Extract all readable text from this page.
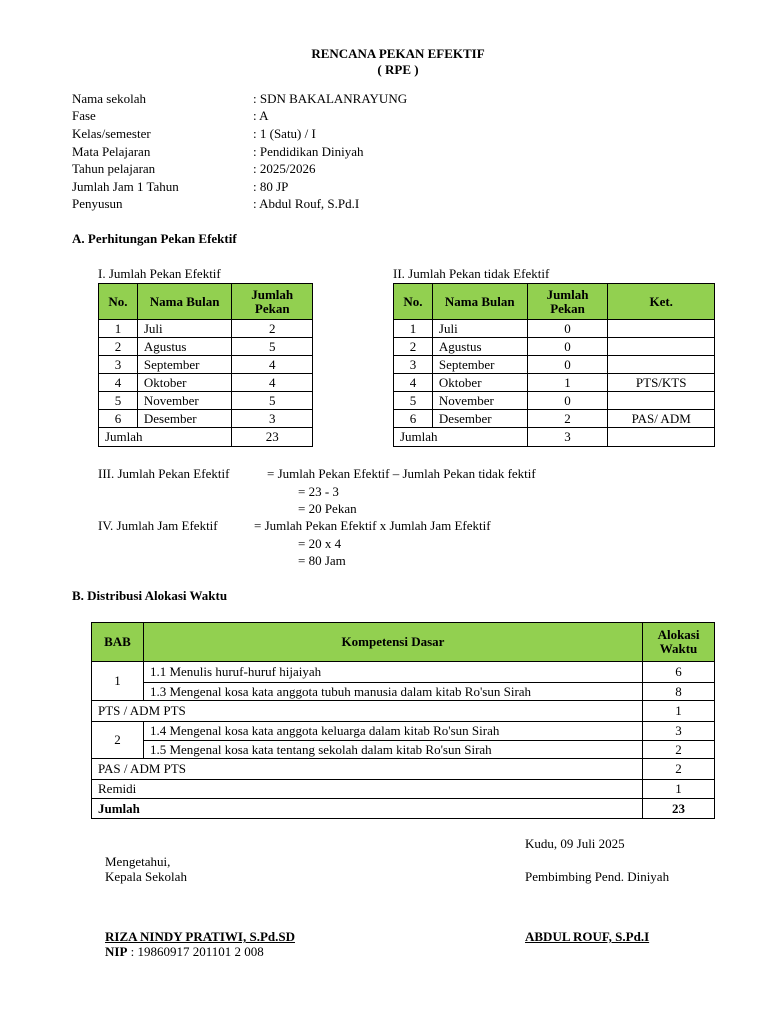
RENCANA PEKAN EFEKTIF
( RPE )
Nama sekolah	: SDN BAKALANRAYUNG
Fase	: A
Kelas/semester	: 1 (Satu) / I
Mata Pelajaran	: Pendidikan Diniyah
Tahun pelajaran	: 2025/2026
Jumlah Jam 1 Tahun	: 80 JP
Penyusun	: Abdul Rouf, S.Pd.I
A. Perhitungan Pekan Efektif
I. Jumlah Pekan Efektif	II. Jumlah Pekan tidak Efektif
No.	Nama Bulan	Jumlah Pekan
1	Juli	2
2	Agustus	5
3	September	4
4	Oktober	4
5	November	5
6	Desember	3
Jumlah		23
No.	Nama Bulan	Jumlah Pekan	Ket.
1	Juli	0	
2	Agustus	0	
3	September	0	
4	Oktober	1	PTS/KTS
5	November	0	
6	Desember	2	PAS/ ADM
Jumlah		3	
III. Jumlah Pekan Efektif	= Jumlah Pekan Efektif – Jumlah Pekan tidak fektif
= 23 - 3
= 20 Pekan
IV. Jumlah Jam Efektif	= Jumlah Pekan Efektif x Jumlah Jam Efektif
= 20 x 4
= 80 Jam
B. Distribusi Alokasi Waktu
BAB	Kompetensi Dasar	Alokasi Waktu
1	1.1 Menulis huruf-huruf hijaiyah	6
	1.3 Mengenal kosa kata anggota tubuh manusia dalam kitab Ro'sun Sirah	8
PTS / ADM PTS		1
2	1.4 Mengenal kosa kata anggota keluarga dalam kitab Ro'sun Sirah	3
	1.5 Mengenal kosa kata tentang sekolah dalam kitab Ro'sun Sirah	2
PAS / ADM PTS		2
Remidi		1
Jumlah		23
Kudu, 09 Juli 2025
Mengetahui,
Kepala Sekolah	Pembimbing Pend. Diniyah
RIZA NINDY PRATIWI, S.Pd.SD
NIP : 19860917 201101 2 008
ABDUL ROUF, S.Pd.I
